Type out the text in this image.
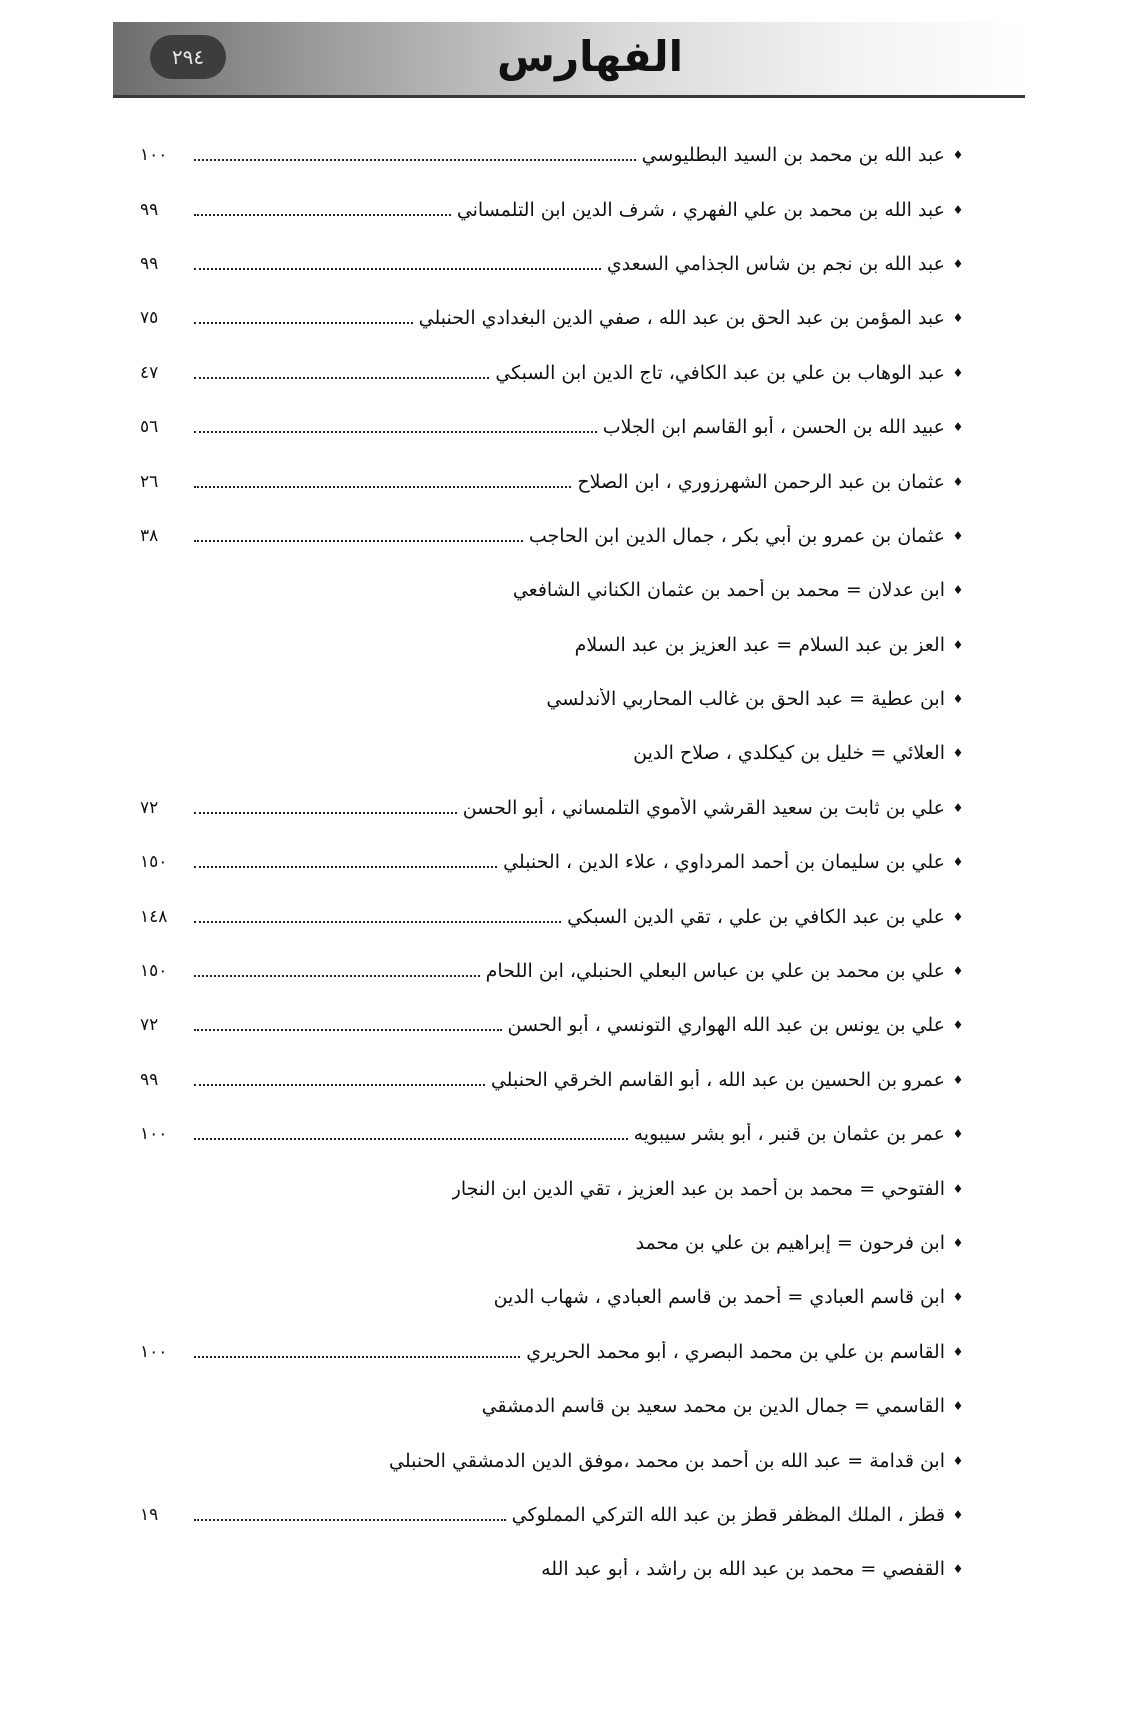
٢٩٤	الفهارس
♦
عبد الله بن محمد بن السيد البطليوسي
١٠٠
♦
عبد الله بن محمد بن علي الفهري ، شرف الدين ابن التلمساني
٩٩
♦
عبد الله بن نجم بن شاس الجذامي السعدي
٩٩
♦
عبد المؤمن بن عبد الحق بن عبد الله ، صفي الدين البغدادي الحنبلي
٧٥
♦
عبد الوهاب بن علي بن عبد الكافي، تاج الدين ابن السبكي
٤٧
♦
عبيد الله بن الحسن ، أبو القاسم ابن الجلاب
٥٦
♦
عثمان بن عبد الرحمن الشهرزوري ، ابن الصلاح
٢٦
♦
عثمان بن عمرو بن أبي بكر ، جمال الدين ابن الحاجب
٣٨
♦
ابن عدلان = محمد بن أحمد بن عثمان الكناني الشافعي
♦
العز بن عبد السلام = عبد العزيز بن عبد السلام
♦
ابن عطية = عبد الحق بن غالب المحاربي الأندلسي
♦
العلائي = خليل بن كيكلدي ، صلاح الدين
♦
علي بن ثابت بن سعيد القرشي الأموي التلمساني ، أبو الحسن
٧٢
♦
علي بن سليمان بن أحمد المرداوي ، علاء الدين ، الحنبلي
١٥٠
♦
علي بن عبد الكافي بن علي ، تقي الدين السبكي
١٤٨
♦
علي بن محمد بن علي بن عباس البعلي الحنبلي، ابن اللحام
١٥٠
♦
علي بن يونس بن عبد الله الهواري التونسي ، أبو الحسن
٧٢
♦
عمرو بن الحسين بن عبد الله ، أبو القاسم الخرقي الحنبلي
٩٩
♦
عمر بن عثمان بن قنبر ، أبو بشر سيبويه
١٠٠
♦
الفتوحي = محمد بن أحمد بن عبد العزيز ، تقي الدين ابن النجار
♦
ابن فرحون = إبراهيم بن علي بن محمد
♦
ابن قاسم العبادي = أحمد بن قاسم العبادي ، شهاب الدين
♦
القاسم بن علي بن محمد البصري ، أبو محمد الحريري
١٠٠
♦
القاسمي = جمال الدين بن محمد سعيد بن قاسم الدمشقي
♦
ابن قدامة = عبد الله بن أحمد بن محمد ،موفق الدين الدمشقي الحنبلي
♦
قطز ، الملك المظفر قطز بن عبد الله التركي المملوكي
١٩
♦
القفصي = محمد بن عبد الله بن راشد ، أبو عبد الله
